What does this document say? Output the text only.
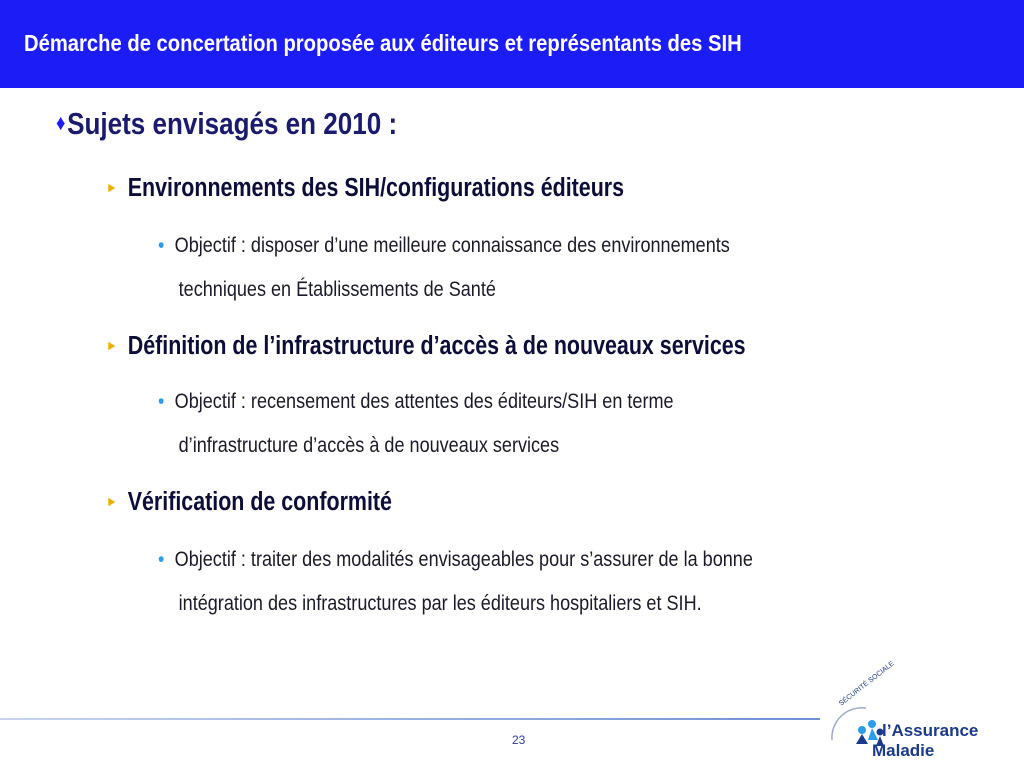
Démarche de concertation proposée aux éditeurs et représentants des SIH
♦Sujets envisagés en 2010 :
► Environnements des SIH/configurations éditeurs
• Objectif : disposer d’une meilleure connaissance des environnements
techniques en Établissements de Santé
► Définition de l’infrastructure d’accès à de nouveaux services
• Objectif : recensement des attentes des éditeurs/SIH en terme
d’infrastructure d’accès à de nouveaux services
► Vérification de conformité
• Objectif : traiter des modalités envisageables pour s’assurer de la bonne
intégration des infrastructures par les éditeurs hospitaliers et SIH.
23
SÉCURITÉ SOCIALE
l’Assurance
Maladie
